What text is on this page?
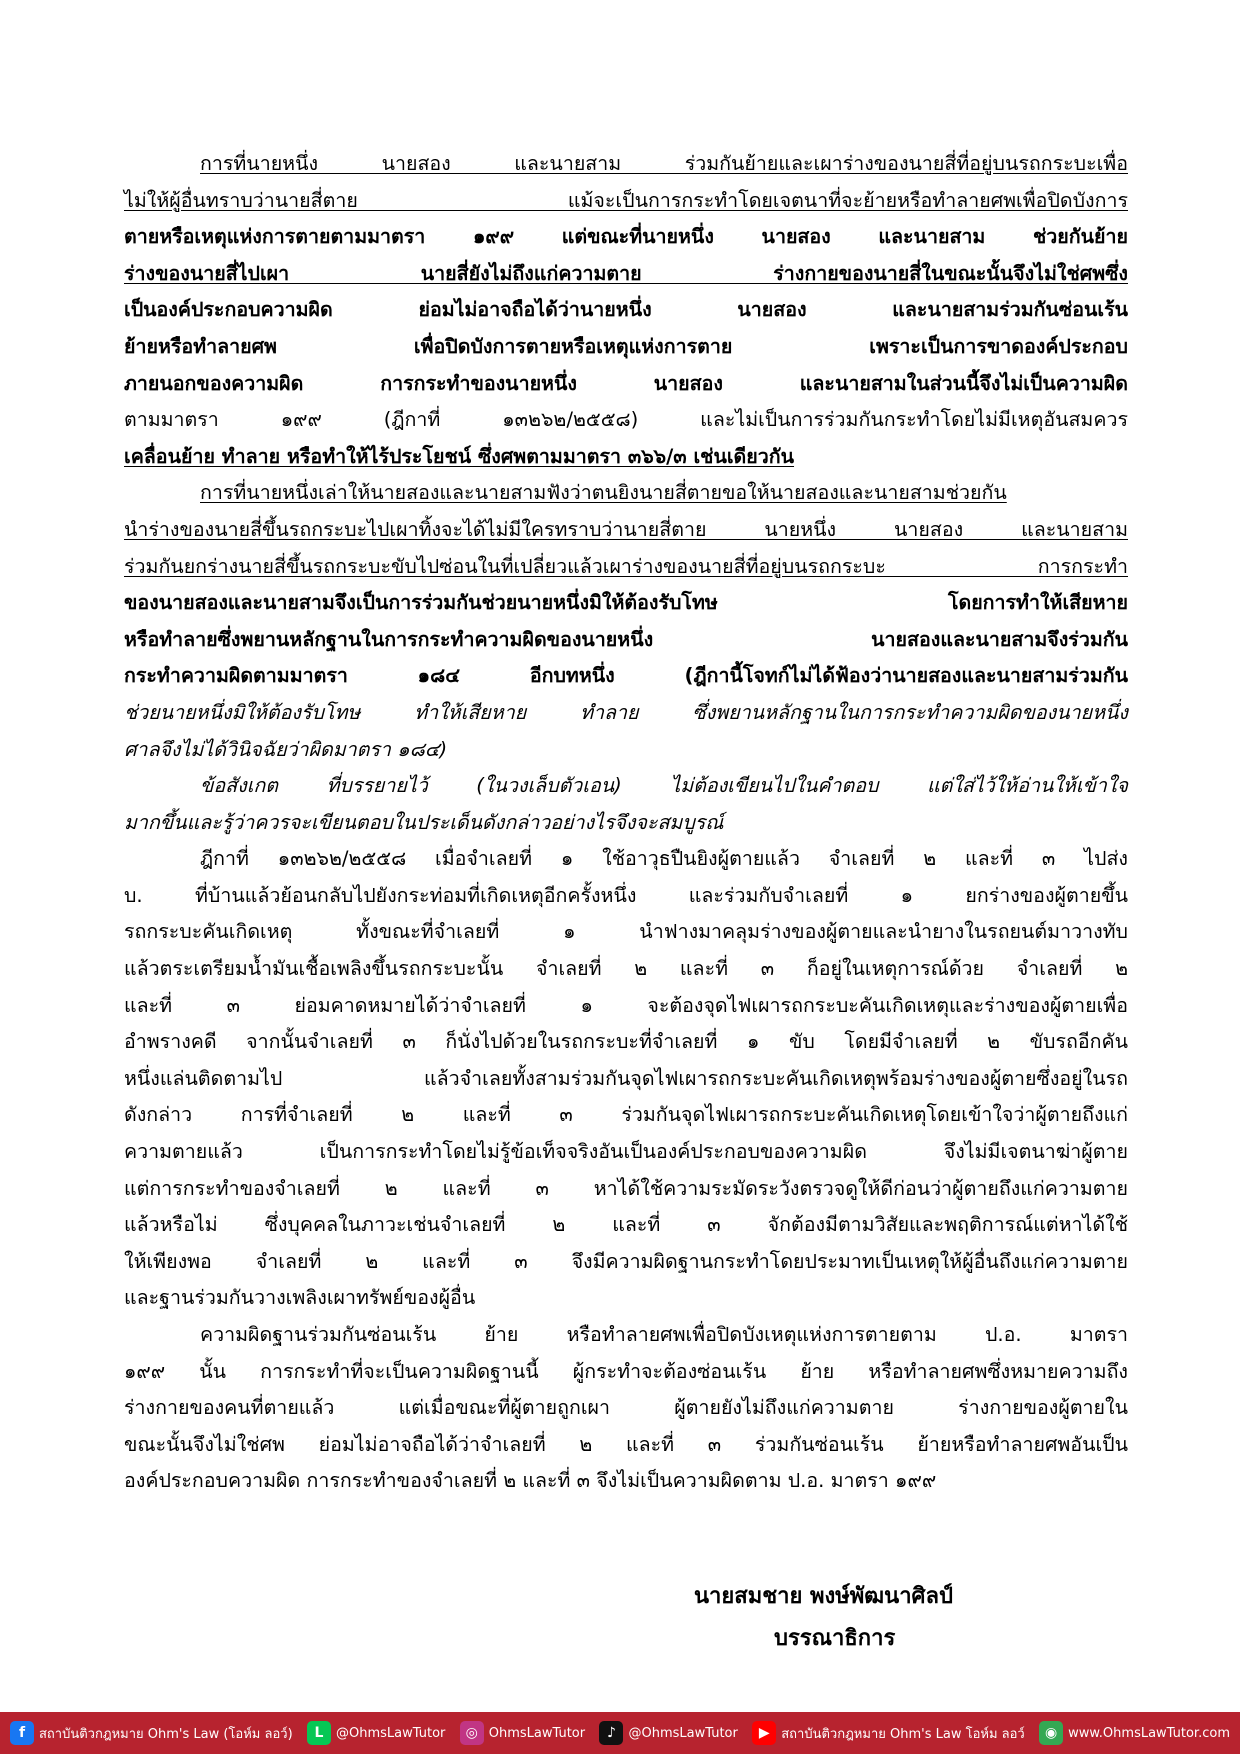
การที่นายหนึ่ง นายสอง และนายสาม ร่วมกันย้ายและเผาร่างของนายสี่ที่อยู่บนรถกระบะเพื่อ
ไม่ให้ผู้อื่นทราบว่านายสี่ตาย แม้จะเป็นการกระทำโดยเจตนาที่จะย้ายหรือทำลายศพเพื่อปิดบังการ
ตายหรือเหตุแห่งการตายตามมาตรา ๑๙๙ แต่ขณะที่นายหนึ่ง นายสอง และนายสาม ช่วยกันย้าย
ร่างของนายสี่ไปเผา นายสี่ยังไม่ถึงแก่ความตาย ร่างกายของนายสี่ในขณะนั้นจึงไม่ใช่ศพซึ่ง
เป็นองค์ประกอบความผิด ย่อมไม่อาจถือได้ว่านายหนึ่ง นายสอง และนายสามร่วมกันซ่อนเร้น
ย้ายหรือทำลายศพ เพื่อปิดบังการตายหรือเหตุแห่งการตาย เพราะเป็นการขาดองค์ประกอบ
ภายนอกของความผิด การกระทำของนายหนึ่ง นายสอง และนายสามในส่วนนี้จึงไม่เป็นความผิด
ตามมาตรา ๑๙๙ (ฎีกาที่ ๑๓๒๖๒/๒๕๕๘) และไม่เป็นการร่วมกันกระทำโดยไม่มีเหตุอันสมควร
เคลื่อนย้าย ทำลาย หรือทำให้ไร้ประโยชน์ ซึ่งศพตามมาตรา ๓๖๖/๓ เช่นเดียวกัน
การที่นายหนึ่งเล่าให้นายสองและนายสามฟังว่าตนยิงนายสี่ตายขอให้นายสองและนายสามช่วยกัน
นำร่างของนายสี่ขึ้นรถกระบะไปเผาทิ้งจะได้ไม่มีใครทราบว่านายสี่ตาย นายหนึ่ง นายสอง และนายสาม
ร่วมกันยกร่างนายสี่ขึ้นรถกระบะขับไปซ่อนในที่เปลี่ยวแล้วเผาร่างของนายสี่ที่อยู่บนรถกระบะ การกระทำ
ของนายสองและนายสามจึงเป็นการร่วมกันช่วยนายหนึ่งมิให้ต้องรับโทษ โดยการทำให้เสียหาย
หรือทำลายซึ่งพยานหลักฐานในการกระทำความผิดของนายหนึ่ง นายสองและนายสามจึงร่วมกัน
กระทำความผิดตามมาตรา ๑๘๔ อีกบทหนึ่ง (ฎีกานี้โจทก์ไม่ได้ฟ้องว่านายสองและนายสามร่วมกัน
ช่วยนายหนึ่งมิให้ต้องรับโทษ ทำให้เสียหาย ทำลาย ซึ่งพยานหลักฐานในการกระทำความผิดของนายหนึ่ง
ศาลจึงไม่ได้วินิจฉัยว่าผิดมาตรา ๑๘๔)
ข้อสังเกต ที่บรรยายไว้ (ในวงเล็บตัวเอน) ไม่ต้องเขียนไปในคำตอบ แต่ใส่ไว้ให้อ่านให้เข้าใจ
มากขึ้นและรู้ว่าควรจะเขียนตอบในประเด็นดังกล่าวอย่างไรจึงจะสมบูรณ์
ฎีกาที่ ๑๓๒๖๒/๒๕๕๘ เมื่อจำเลยที่ ๑ ใช้อาวุธปืนยิงผู้ตายแล้ว จำเลยที่ ๒ และที่ ๓ ไปส่ง
บ. ที่บ้านแล้วย้อนกลับไปยังกระท่อมที่เกิดเหตุอีกครั้งหนึ่ง และร่วมกับจำเลยที่ ๑ ยกร่างของผู้ตายขึ้น
รถกระบะคันเกิดเหตุ ทั้งขณะที่จำเลยที่ ๑ นำฟางมาคลุมร่างของผู้ตายและนำยางในรถยนต์มาวางทับ
แล้วตระเตรียมน้ำมันเชื้อเพลิงขึ้นรถกระบะนั้น จำเลยที่ ๒ และที่ ๓ ก็อยู่ในเหตุการณ์ด้วย จำเลยที่ ๒
และที่ ๓ ย่อมคาดหมายได้ว่าจำเลยที่ ๑ จะต้องจุดไฟเผารถกระบะคันเกิดเหตุและร่างของผู้ตายเพื่อ
อำพรางคดี จากนั้นจำเลยที่ ๓ ก็นั่งไปด้วยในรถกระบะที่จำเลยที่ ๑ ขับ โดยมีจำเลยที่ ๒ ขับรถอีกคัน
หนึ่งแล่นติดตามไป แล้วจำเลยทั้งสามร่วมกันจุดไฟเผารถกระบะคันเกิดเหตุพร้อมร่างของผู้ตายซึ่งอยู่ในรถ
ดังกล่าว การที่จำเลยที่ ๒ และที่ ๓ ร่วมกันจุดไฟเผารถกระบะคันเกิดเหตุโดยเข้าใจว่าผู้ตายถึงแก่
ความตายแล้ว เป็นการกระทำโดยไม่รู้ข้อเท็จจริงอันเป็นองค์ประกอบของความผิด จึงไม่มีเจตนาฆ่าผู้ตาย
แต่การกระทำของจำเลยที่ ๒ และที่ ๓ หาได้ใช้ความระมัดระวังตรวจดูให้ดีก่อนว่าผู้ตายถึงแก่ความตาย
แล้วหรือไม่ ซึ่งบุคคลในภาวะเช่นจำเลยที่ ๒ และที่ ๓ จักต้องมีตามวิสัยและพฤติการณ์แต่หาได้ใช้
ให้เพียงพอ จำเลยที่ ๒ และที่ ๓ จึงมีความผิดฐานกระทำโดยประมาทเป็นเหตุให้ผู้อื่นถึงแก่ความตาย
และฐานร่วมกันวางเพลิงเผาทรัพย์ของผู้อื่น
ความผิดฐานร่วมกันซ่อนเร้น ย้าย หรือทำลายศพเพื่อปิดบังเหตุแห่งการตายตาม ป.อ. มาตรา
๑๙๙ นั้น การกระทำที่จะเป็นความผิดฐานนี้ ผู้กระทำจะต้องซ่อนเร้น ย้าย หรือทำลายศพซึ่งหมายความถึง
ร่างกายของคนที่ตายแล้ว แต่เมื่อขณะที่ผู้ตายถูกเผา ผู้ตายยังไม่ถึงแก่ความตาย ร่างกายของผู้ตายใน
ขณะนั้นจึงไม่ใช่ศพ ย่อมไม่อาจถือได้ว่าจำเลยที่ ๒ และที่ ๓ ร่วมกันซ่อนเร้น ย้ายหรือทำลายศพอันเป็น
องค์ประกอบความผิด การกระทำของจำเลยที่ ๒ และที่ ๓ จึงไม่เป็นความผิดตาม ป.อ. มาตรา ๑๙๙
นายสมชาย พงษ์พัฒนาศิลป์
บรรณาธิการ
f	สถาบันติวกฎหมาย Ohm's Law (โอห์ม ลอว์)	L @OhmsLawTutor	◎ OhmsLawTutor	♪ @OhmsLawTutor	▶ สถาบันติวกฎหมาย Ohm's Law โอห์ม ลอว์	◉ www.OhmsLawTutor.com
